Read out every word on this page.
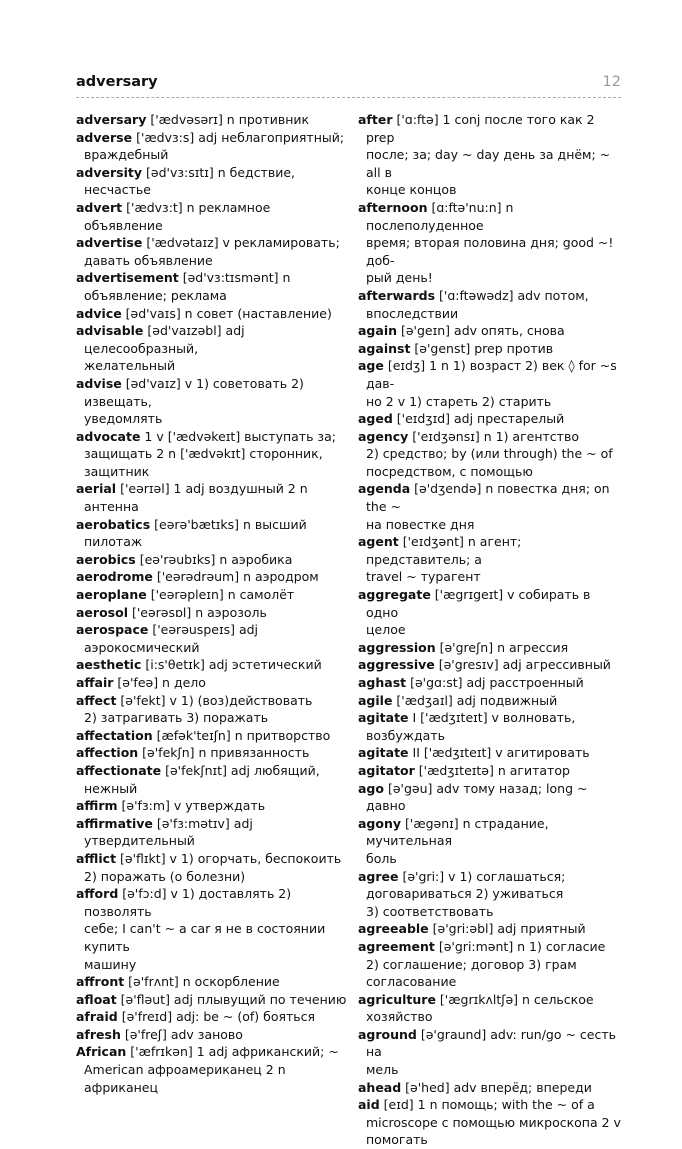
adversary	12
adversary ['ædvəsərɪ] n противник
adverse ['ædvɜ:s] adj неблагоприятный;
враждебный
adversity [əd'vɜ:sɪtɪ] n бедствие, несчастье
advert ['ædvɜ:t] n рекламное объявление
advertise ['ædvətaɪz] v рекламировать;
давать объявление
advertisement [əd'vɜ:tɪsmənt] n
объявление; реклама
advice [əd'vaɪs] n совет (наставление)
advisable [əd'vaɪzəbl] adj целесообразный,
желательный
advise [əd'vaɪz] v 1) советовать 2) извещать,
уведомлять
advocate 1 v ['ædvəkeɪt] выступать за;
защищать 2 n ['ædvəkɪt] сторонник,
защитник
aerial ['eərɪəl] 1 adj воздушный 2 n антенна
aerobatics [eərə'bætɪks] n высший пилотаж
aerobics [eə'rəubɪks] n аэробика
aerodrome ['eərədrəum] n аэродром
aeroplane ['eərəpleɪn] n самолёт
aerosol ['eərəsɒl] n аэрозоль
aerospace ['eərəuspeɪs] adj
аэрокосмический
aesthetic [i:s'θetɪk] adj эстетический
affair [ə'feə] n дело
affect [ə'fekt] v 1) (воз)действовать
2) затрагивать 3) поражать
affectation [æfək'teɪʃn] n притворство
affection [ə'fekʃn] n привязанность
affectionate [ə'fekʃnɪt] adj любящий,
нежный
affirm [ə'fɜ:m] v утверждать
affirmative [ə'fɜ:mətɪv] adj утвердительный
afflict [ə'flɪkt] v 1) огорчать, беспокоить
2) поражать (о болезни)
afford [ə'fɔ:d] v 1) доставлять 2) позволять
себе; I can't ~ a car я не в состоянии купить
машину
affront [ə'frʌnt] n оскорбление
afloat [ə'fləut] adj плывущий по течению
afraid [ə'freɪd] adj: be ~ (of) бояться
afresh [ə'freʃ] adv заново
African ['æfrɪkən] 1 adj африканский; ~
American афроамериканец 2 n африканец
after ['ɑ:ftə] 1 conj после того как 2 prep
после; за; day ~ day день за днём; ~ all в
конце концов
afternoon [ɑ:ftə'nu:n] n послеполуденное
время; вторая половина дня; good ~! доб-
рый день!
afterwards ['ɑ:ftəwədz] adv потом,
впоследствии
again [ə'geɪn] adv опять, снова
against [ə'genst] prep против
age [eɪdʒ] 1 n 1) возраст 2) век ◊ for ~s дав-
но 2 v 1) стареть 2) старить
aged ['eɪdʒɪd] adj престарелый
agency ['eɪdʒənsɪ] n 1) агентство
2) средство; by (или through) the ~ of
посредством, с помощью
agenda [ə'dʒendə] n повестка дня; on the ~
на повестке дня
agent ['eɪdʒənt] n агент; представитель; a
travel ~ турагент
aggregate ['ægrɪgeɪt] v собирать в одно
целое
aggression [ə'greʃn] n агрессия
aggressive [ə'gresɪv] adj агрессивный
aghast [ə'gɑ:st] adj расстроенный
agile ['ædʒaɪl] adj подвижный
agitate I ['ædʒɪteɪt] v волновать, возбуждать
agitate II ['ædʒɪteɪt] v агитировать
agitator ['ædʒɪteɪtə] n агитатор
ago [ə'gəu] adv тому назад; long ~ давно
agony ['ægənɪ] n страдание, мучительная
боль
agree [ə'gri:] v 1) соглашаться;
договариваться 2) уживаться
3) соответствовать
agreeable [ə'gri:əbl] adj приятный
agreement [ə'gri:mənt] n 1) согласие
2) соглашение; договор 3) грам
согласование
agriculture ['ægrɪkʌltʃə] n сельское
хозяйство
aground [ə'graund] adv: run/go ~ сесть на
мель
ahead [ə'hed] adv вперёд; впереди
aid [eɪd] 1 n помощь; with the ~ of a
microscope с помощью микроскопа 2 v
помогать
